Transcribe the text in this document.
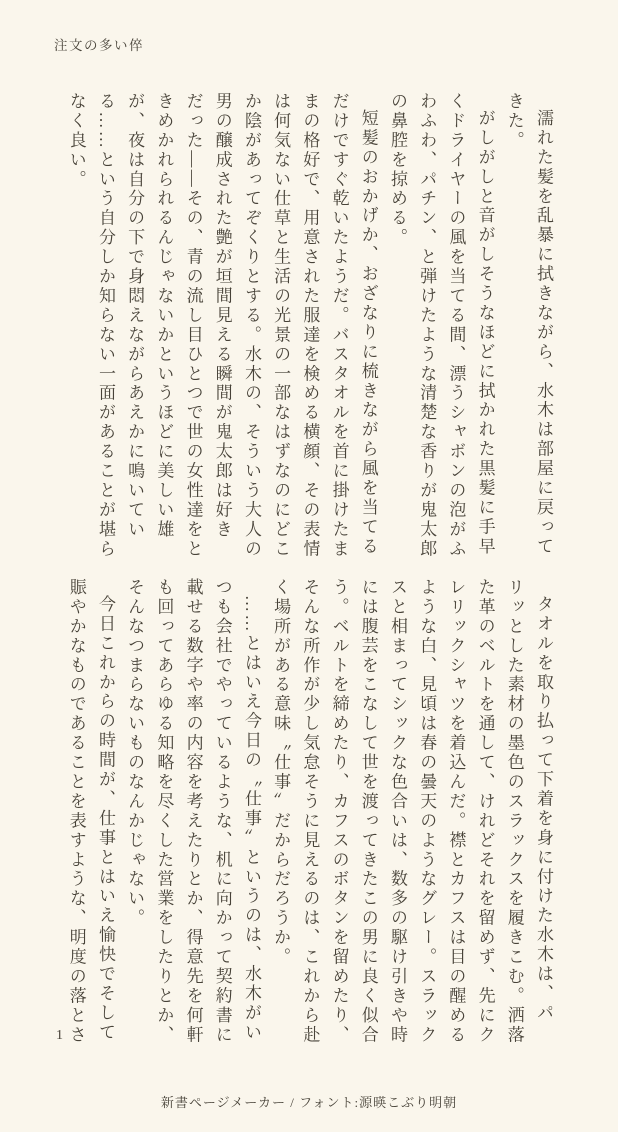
注文の多い倅

濡れた髪を乱暴に拭きながら、水木は部屋に戻ってきた。

がしがしと音がしそうなほどに拭かれた黒髪に手早くドライヤーの風を当てる間、漂うシャボンの泡がふわふわ、パチン、と弾けたような清楚な香りが鬼太郎の鼻腔を掠める。

短髪のおかげか、おざなりに梳きながら風を当てるだけですぐ乾いたようだ。バスタオルを首に掛けたままの格好で、用意された服達を検める横顔、その表情は何気ない仕草と生活の光景の一部なはずなのにどこか陰があってぞくりとする。水木の、そういう大人の男の醸成された艶が垣間見える瞬間が鬼太郎は好きだった――その、青の流し目ひとつで世の女性達をときめかれられるんじゃないかというほどに美しい雄が、夜は自分の下で身悶えながらあえかに鳴いている……という自分しか知らない一面があることが堪らなく良い。

タオルを取り払って下着を身に付けた水木は、パリッとした素材の墨色のスラックスを履きこむ。洒落た革のベルトを通して、けれどそれを留めず、先にクレリックシャツを着込んだ。襟とカフスは目の醒めるような白、見頃は春の曇天のようなグレー。スラックスと相まってシックな色合いは、数多の駆け引きや時には腹芸をこなして世を渡ってきたこの男に良く似合う。ベルトを締めたり、カフスのボタンを留めたり、そんな所作が少し気怠そうに見えるのは、これから赴く場所がある意味〝仕事〟だからだろうか。

……とはいえ今日の〝仕事〟というのは、水木がいつも会社でやっているような、机に向かって契約書に載せる数字や率の内容を考えたりとか、得意先を何軒も回ってあらゆる知略を尽くした営業をしたりとか、そんなつまらないものなんかじゃない。

今日これからの時間が、仕事とはいえ愉快でそして賑やかなものであることを表すような、明度の落とさ

1
新書ページメーカー / フォント:源暎こぶり明朝
